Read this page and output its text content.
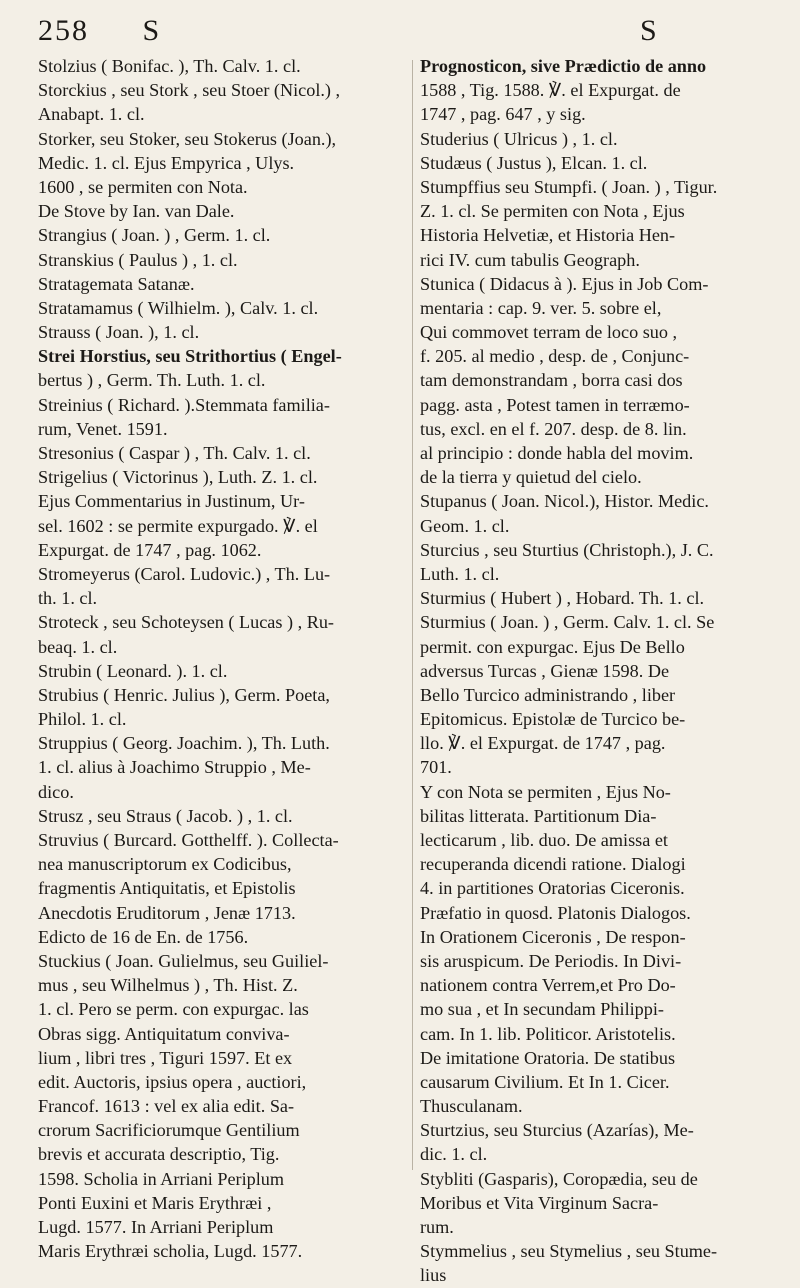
258 S	S
Stolzius ( Bonifac. ), Th. Calv. 1. cl.
Storckius , seu Stork , seu Stoer (Nicol.) ,
Anabapt. 1. cl.
Storker, seu Stoker, seu Stokerus (Joan.),
Medic. 1. cl. Ejus Empyrica , Ulys.
1600 , se permiten con Nota.
De Stove by Ian. van Dale.
Strangius ( Joan. ) , Germ. 1. cl.
Stranskius ( Paulus ) , 1. cl.
Stratagemata Satanæ.
Stratamamus ( Wilhielm. ), Calv. 1. cl.
Strauss ( Joan. ), 1. cl.
Strei Horstius, seu Strithortius ( Engel-
bertus ) , Germ. Th. Luth. 1. cl.
Streinius ( Richard. ).Stemmata familia-
rum, Venet. 1591.
Stresonius ( Caspar ) , Th. Calv. 1. cl.
Strigelius ( Victorinus ), Luth. Z. 1. cl.
Ejus Commentarius in Justinum, Ur-
sel. 1602 : se permite expurgado. ℣. el
Expurgat. de 1747 , pag. 1062.
Stromeyerus (Carol. Ludovic.) , Th. Lu-
th. 1. cl.
Stroteck , seu Schoteysen ( Lucas ) , Ru-
beaq. 1. cl.
Strubin ( Leonard. ). 1. cl.
Strubius ( Henric. Julius ), Germ. Poeta,
Philol. 1. cl.
Struppius ( Georg. Joachim. ), Th. Luth.
1. cl. alius à Joachimo Struppio , Me-
dico.
Strusz , seu Straus ( Jacob. ) , 1. cl.
Struvius ( Burcard. Gotthelff. ). Collecta-
nea manuscriptorum ex Codicibus,
fragmentis Antiquitatis, et Epistolis
Anecdotis Eruditorum , Jenæ 1713.
Edicto de 16 de En. de 1756.
Stuckius ( Joan. Gulielmus, seu Guiliel-
mus , seu Wilhelmus ) , Th. Hist. Z.
1. cl. Pero se perm. con expurgac. las
Obras sigg. Antiquitatum conviva-
lium , libri tres , Tiguri 1597. Et ex
edit. Auctoris, ipsius opera , auctiori,
Francof. 1613 : vel ex alia edit. Sa-
crorum Sacrificiorumque Gentilium
brevis et accurata descriptio, Tig.
1598. Scholia in Arriani Periplum
Ponti Euxini et Maris Erythræi ,
Lugd. 1577. In Arriani Periplum
Maris Erythræi scholia, Lugd. 1577.
Prognosticon, sive Prædictio de anno
1588 , Tig. 1588. ℣. el Expurgat. de
1747 , pag. 647 , y sig.
Studerius ( Ulricus ) , 1. cl.
Studæus ( Justus ), Elcan. 1. cl.
Stumpffius seu Stumpfi. ( Joan. ) , Tigur.
Z. 1. cl. Se permiten con Nota , Ejus
Historia Helvetiæ, et Historia Hen-
rici IV. cum tabulis Geograph.
Stunica ( Didacus à ). Ejus in Job Com-
mentaria : cap. 9. ver. 5. sobre el,
Qui commovet terram de loco suo ,
f. 205. al medio , desp. de , Conjunc-
tam demonstrandam , borra casi dos
pagg. asta , Potest tamen in terræmo-
tus, excl. en el f. 207. desp. de 8. lin.
al principio : donde habla del movim.
de la tierra y quietud del cielo.
Stupanus ( Joan. Nicol.), Histor. Medic.
Geom. 1. cl.
Sturcius , seu Sturtius (Christoph.), J. C.
Luth. 1. cl.
Sturmius ( Hubert ) , Hobard. Th. 1. cl.
Sturmius ( Joan. ) , Germ. Calv. 1. cl. Se
permit. con expurgac. Ejus De Bello
adversus Turcas , Gienæ 1598. De
Bello Turcico administrando , liber
Epitomicus. Epistolæ de Turcico be-
llo. ℣. el Expurgat. de 1747 , pag.
701.
Y con Nota se permiten , Ejus No-
bilitas litterata. Partitionum Dia-
lecticarum , lib. duo. De amissa et
recuperanda dicendi ratione. Dialogi
4. in partitiones Oratorias Ciceronis.
Præfatio in quosd. Platonis Dialogos.
In Orationem Ciceronis , De respon-
sis aruspicum. De Periodis. In Divi-
nationem contra Verrem,et Pro Do-
mo sua , et In secundam Philippi-
cam. In 1. lib. Politicor. Aristotelis.
De imitatione Oratoria. De statibus
causarum Civilium. Et In 1. Cicer.
Thusculanam.
Sturtzius, seu Sturcius (Azarías), Me-
dic. 1. cl.
Stybliti (Gasparis), Coropædia, seu de
Moribus et Vita Virginum Sacra-
rum.
Stymmelius , seu Stymelius , seu Stume-
lius
